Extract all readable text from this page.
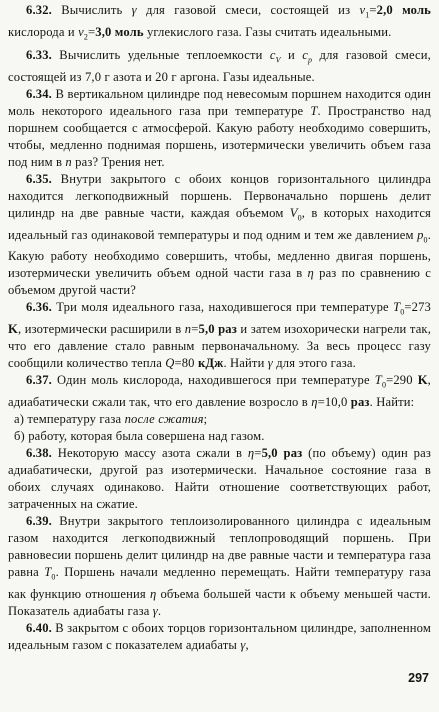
6.32. Вычислить γ для газовой смеси, состоящей из $\nu_1=2,0$ моль кислорода и $\nu_2=3,0$ моль углекислого газа. Газы считать идеальными.

6.33. Вычислить удельные теплоемкости $c_V$ и $c_p$ для газовой смеси, состоящей из 7,0 г азота и 20 г аргона. Газы идеальные.

6.34. В вертикальном цилиндре под невесомым поршнем находится один моль некоторого идеального газа при температуре T. Пространство над поршнем сообщается с атмосферой. Какую работу необходимо совершить, чтобы, медленно поднимая поршень, изотермически увеличить объем газа под ним в n раз? Трения нет.

6.35. Внутри закрытого с обоих концов горизонтального цилиндра находится легкоподвижный поршень. Первоначально поршень делит цилиндр на две равные части, каждая объемом $V_0$, в которых находится идеальный газ одинаковой температуры и под одним и тем же давлением $p_0$. Какую работу необходимо совершить, чтобы, медленно двигая поршень, изотермически увеличить объем одной части газа в η раз по сравнению с объемом другой части?

6.36. Три моля идеального газа, находившегося при температуре $T_0=273$ K, изотермически расширили в n=5,0 раз и затем изохорически нагрели так, что его давление стало равным первоначальному. За весь процесс газу сообщили количество тепла Q=80 кДж. Найти γ для этого газа.

6.37. Один моль кислорода, находившегося при температуре $T_0=290$ K, адиабатически сжали так, что его давление возросло в η=10,0 раз. Найти:

а) температуру газа после сжатия;
б) работу, которая была совершена над газом.

6.38. Некоторую массу азота сжали в η=5,0 раз (по объему) один раз адиабатически, другой раз изотермически. Начальное состояние газа в обоих случаях одинаково. Найти отношение соответствующих работ, затраченных на сжатие.

6.39. Внутри закрытого теплоизолированного цилиндра с идеальным газом находится легкоподвижный теплопроводящий поршень. При равновесии поршень делит цилиндр на две равные части и температура газа равна $T_0$. Поршень начали медленно перемещать. Найти температуру газа как функцию отношения η объема большей части к объему меньшей части. Показатель адиабаты газа γ.

6.40. В закрытом с обоих торцов горизонтальном цилиндре, заполненном идеальным газом с показателем адиабаты γ,

297
